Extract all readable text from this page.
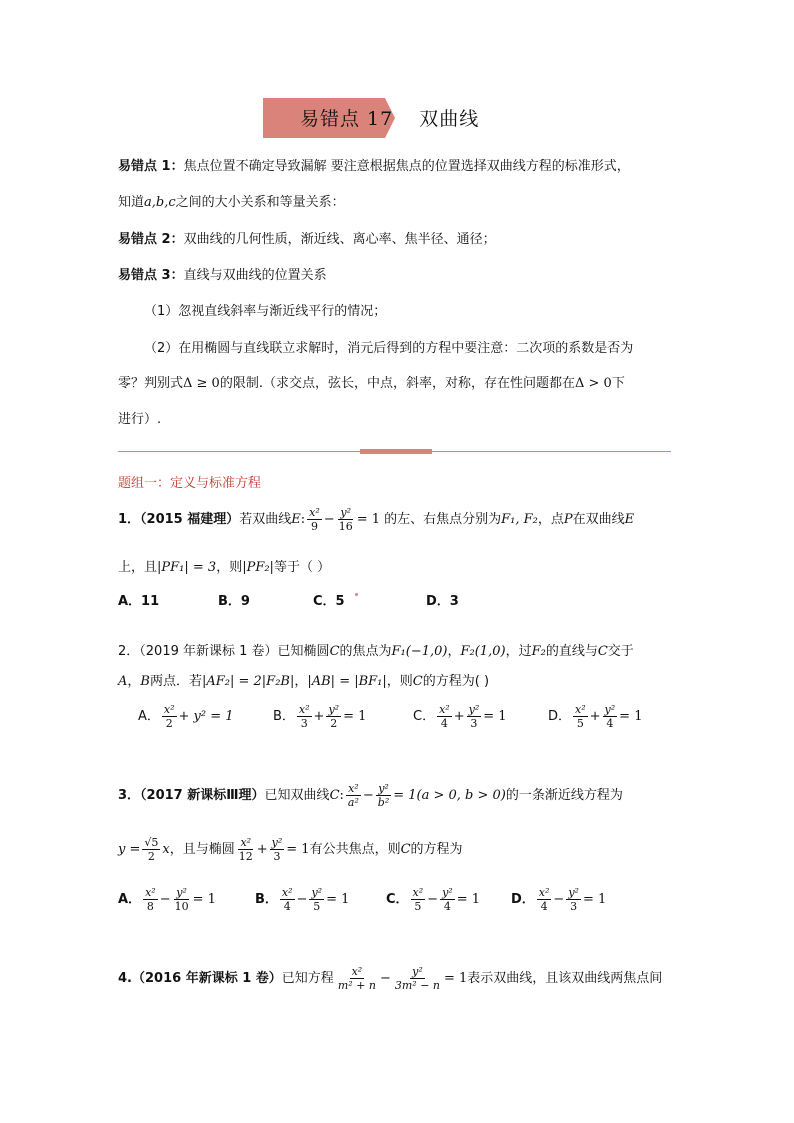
易错点 17 双曲线
易错点 1：焦点位置不确定导致漏解 要注意根据焦点的位置选择双曲线方程的标准形式，
知道a,b,c之间的大小关系和等量关系：
易错点 2：双曲线的几何性质，渐近线、离心率、焦半径、通径；
易错点 3：直线与双曲线的位置关系
（1）忽视直线斜率与渐近线平行的情况；
（2）在用椭圆与直线联立求解时，消元后得到的方程中要注意：二次项的系数是否为
零？判别式Δ ≥ 0的限制.（求交点，弦长，中点，斜率，对称，存在性问题都在Δ > 0下
进行）.
题组一：定义与标准方程
1．（2015 福建理）若双曲线E: $\frac{\text{x²}}{9} - \frac{\text{y²}}{16} = 1$ 的左、右焦点分别为F₁, F₂，点P在双曲线E
上，且|PF₁| = 3，则|PF₂|等于（ ）
A．11	B．9	C．5	D．3
2．（2019 年新课标 1 卷）已知椭圆C的焦点为F₁(−1,0)，F₂(1,0)，过F₂的直线与C交于
A，B两点．若|AF₂| = 2|F₂B|，|AB| = |BF₁|，则C的方程为( )
A． $\frac{\text{x²}}{2} + y^2 = 1$	B． $\frac{\text{x²}}{3} + \frac{\text{y²}}{2} = 1$	C． $\frac{\text{x²}}{4} + \frac{\text{y²}}{3} = 1$	D． $\frac{\text{x²}}{5} + \frac{\text{y²}}{4} = 1$
3．（2017 新课标Ⅲ理）已知双曲线C: $\frac{\text{x²}}{\text{a²}} - \frac{\text{y²}}{\text{b²}} = 1(a > 0$, b > 0)的一条渐近线方程为
$y = \frac{√5}{2}$ x，且与椭圆 $\frac{\text{x²}}{12} + \frac{\text{y²}}{3} = 1$有公共焦点，则C的方程为
A． $\frac{\text{x²}}{8} - \frac{\text{y²}}{10} = 1$	B． $\frac{\text{x²}}{4} - \frac{\text{y²}}{5} = 1$	C． $\frac{\text{x²}}{5} - \frac{\text{y²}}{4} = 1$ D． $\frac{\text{x²}}{4} - \frac{\text{y²}}{3} = 1$
4.（2016 年新课标 1 卷）已知方程 $\frac{\text{x²}}{\text{m² + n}} - \frac{\text{y²}}{\text{3m² − n}} = 1$表示双曲线，且该双曲线两焦点间
